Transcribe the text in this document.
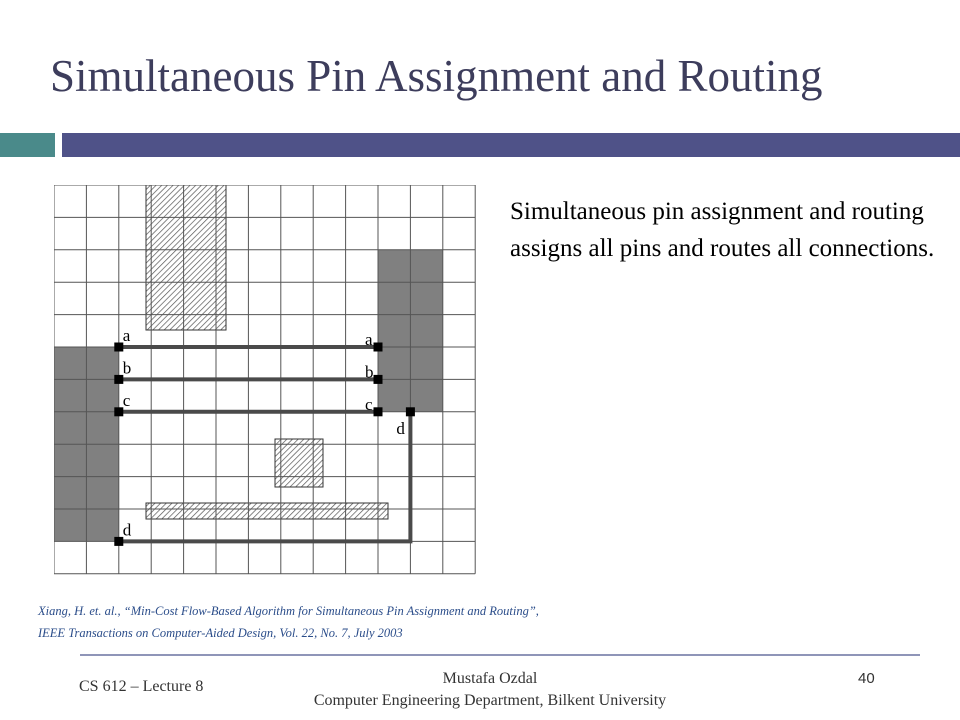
Simultaneous Pin Assignment and Routing
a
b
c
a
b
c
d
d
Simultaneous pin assignment and routing assigns all pins and routes all connections.
Xiang, H. et. al., “Min-Cost Flow-Based Algorithm for Simultaneous Pin Assignment and Routing”,
IEEE Transactions on Computer-Aided Design, Vol. 22, No. 7, July 2003
CS 612 – Lecture 8	Mustafa Ozdal
Computer Engineering Department, Bilkent University
40
